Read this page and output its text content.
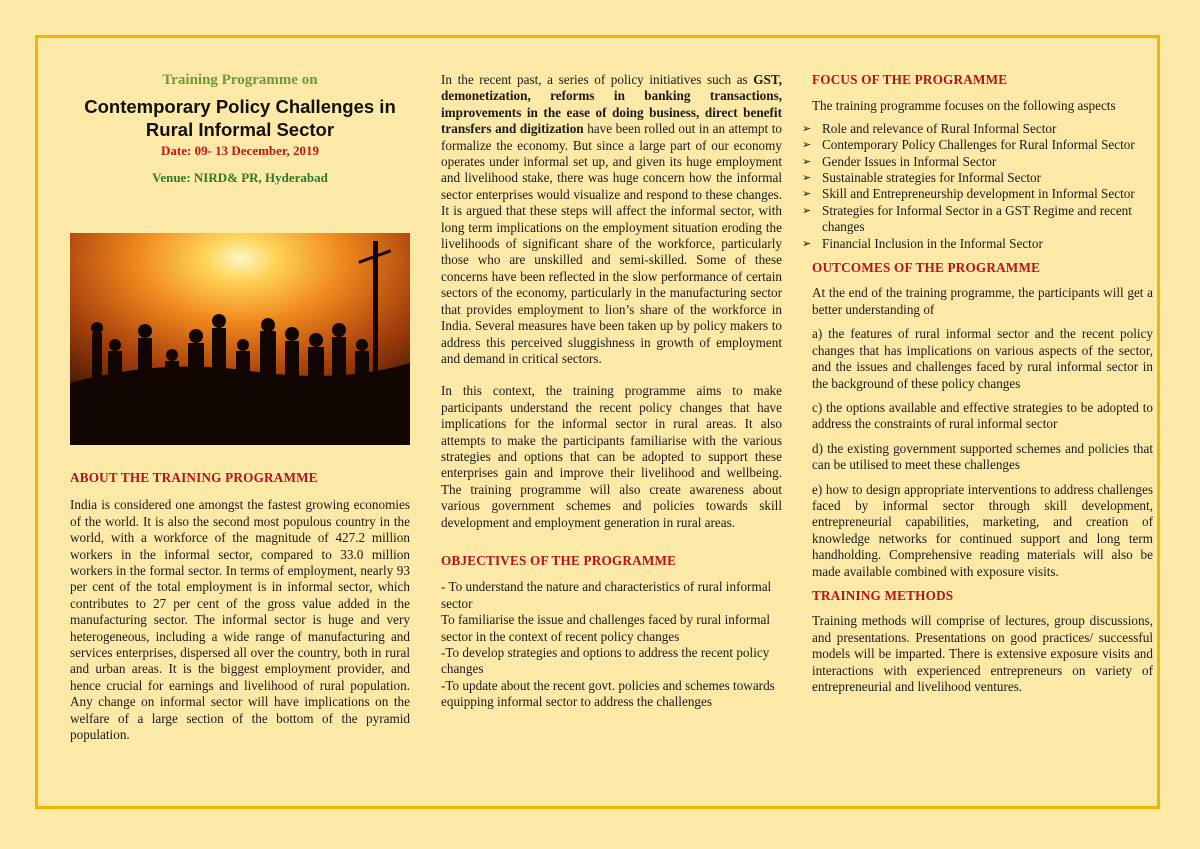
Training Programme on

Contemporary Policy Challenges in Rural Informal Sector

Date: 09- 13 December, 2019

Venue: NIRD& PR, Hyderabad

ABOUT THE TRAINING PROGRAMME

India is considered one amongst the fastest growing economies of the world. It is also the second most populous country in the world, with a workforce of the magnitude of 427.2 million workers in the informal sector, compared to 33.0 million workers in the formal sector. In terms of employment, nearly 93 per cent of the total employment is in informal sector, which contributes to 27 per cent of the gross value added in the manufacturing sector. The informal sector is huge and very heterogeneous, including a wide range of manufacturing and services enterprises, dispersed all over the country, both in rural and urban areas. It is the biggest employment provider, and hence crucial for earnings and livelihood of rural population. Any change on informal sector will have implications on the welfare of a large section of the bottom of the pyramid population.

In the recent past, a series of policy initiatives such as GST, demonetization, reforms in banking transactions, improvements in the ease of doing business, direct benefit transfers and digitization have been rolled out in an attempt to formalize the economy. But since a large part of our economy operates under informal set up, and given its huge employment and livelihood stake, there was huge concern how the informal sector enterprises would visualize and respond to these changes. It is argued that these steps will affect the informal sector, with long term implications on the employment situation eroding the livelihoods of significant share of the workforce, particularly those who are unskilled and semi-skilled. Some of these concerns have been reflected in the slow performance of certain sectors of the economy, particularly in the manufacturing sector that provides employment to lion’s share of the workforce in India. Several measures have been taken up by policy makers to address this perceived sluggishness in growth of employment and demand in critical sectors.

In this context, the training programme aims to make participants understand the recent policy changes that have implications for the informal sector in rural areas. It also attempts to make the participants familiarise with the various strategies and options that can be adopted to support these enterprises gain and improve their livelihood and wellbeing. The training programme will also create awareness about various government schemes and policies towards skill development and employment generation in rural areas.

OBJECTIVES OF THE PROGRAMME

- To understand the nature and characteristics of rural informal sector

To familiarise the issue and challenges faced by rural informal sector in the context of recent policy changes

-To develop strategies and options to address the recent policy changes

-To update about the recent govt. policies and schemes towards equipping informal sector to address the challenges

FOCUS OF THE PROGRAMME

The training programme focuses on the following aspects

➢ Role and relevance of Rural Informal Sector
➢ Contemporary Policy Challenges for Rural Informal Sector
➢ Gender Issues in Informal Sector
➢ Sustainable strategies for Informal Sector
➢ Skill and Entrepreneurship development in Informal Sector
➢ Strategies for Informal Sector in a GST Regime and recent changes
➢ Financial Inclusion in the Informal Sector

OUTCOMES OF THE PROGRAMME

At the end of the training programme, the participants will get a better understanding of

a) the features of rural informal sector and the recent policy changes that has implications on various aspects of the sector, and the issues and challenges faced by rural informal sector in the background of these policy changes

c) the options available and effective strategies to be adopted to address the constraints of rural informal sector

d) the existing government supported schemes and policies that can be utilised to meet these challenges

e) how to design appropriate interventions to address challenges faced by informal sector through skill development, entrepreneurial capabilities, marketing, and creation of knowledge networks for continued support and long term handholding. Comprehensive reading materials will also be made available combined with exposure visits.

TRAINING METHODS

Training methods will comprise of lectures, group discussions, and presentations. Presentations on good practices/ successful models will be imparted. There is extensive exposure visits and interactions with experienced entrepreneurs on variety of entrepreneurial and livelihood ventures.
